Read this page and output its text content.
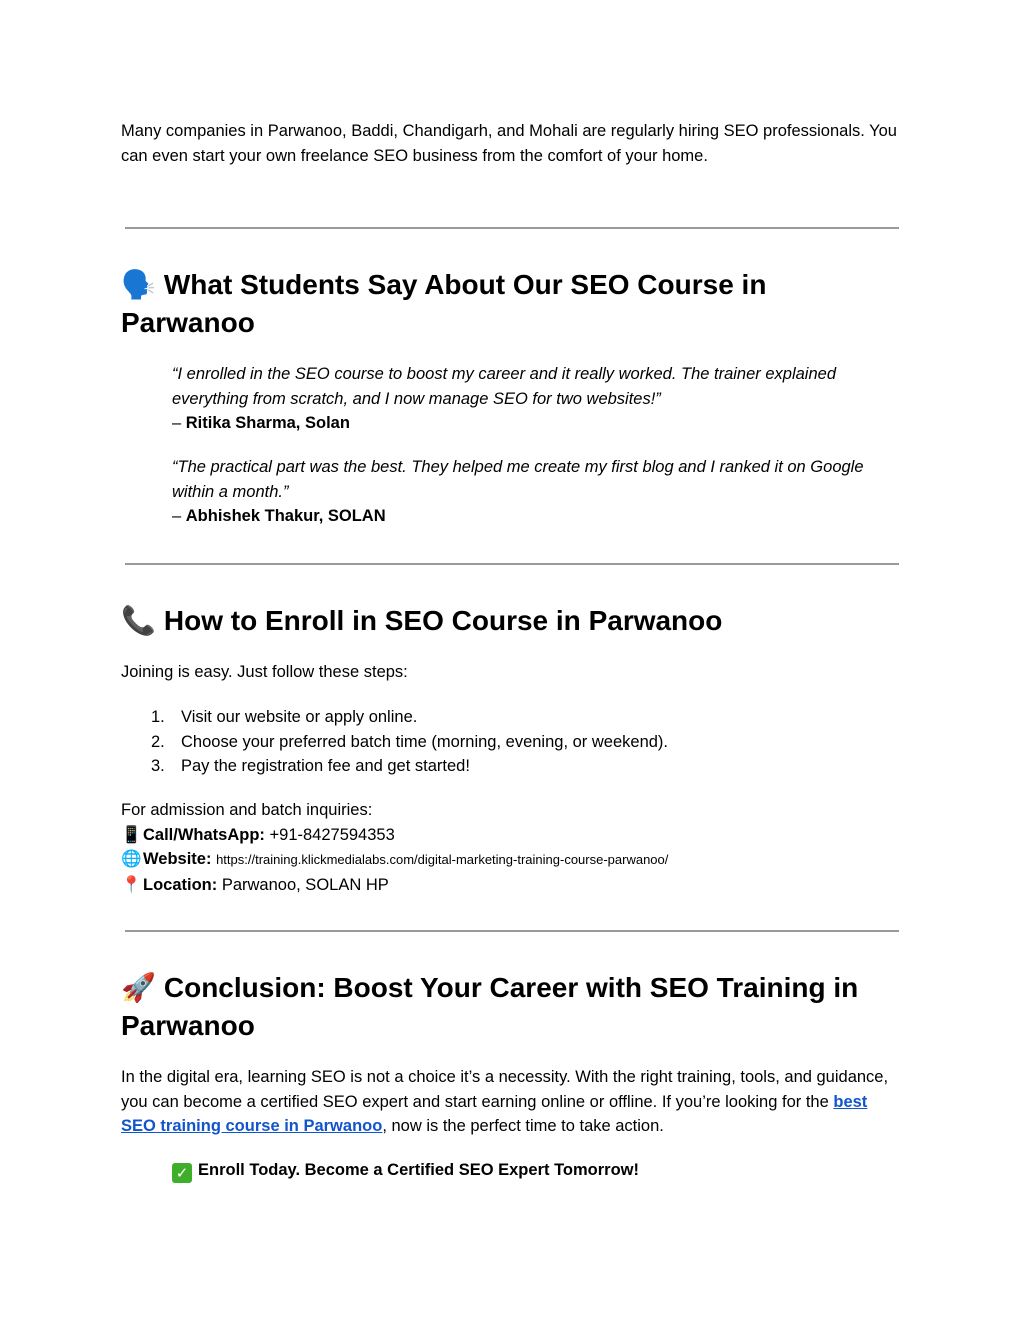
Many companies in Parwanoo, Baddi, Chandigarh, and Mohali are regularly hiring SEO professionals. You can even start your own freelance SEO business from the comfort of your home.

🗣️ What Students Say About Our SEO Course in Parwanoo
“I enrolled in the SEO course to boost my career and it really worked. The trainer explained everything from scratch, and I now manage SEO for two websites!”
– Ritika Sharma, Solan
“The practical part was the best. They helped me create my first blog and I ranked it on Google within a month.”
– Abhishek Thakur, SOLAN
📞 How to Enroll in SEO Course in Parwanoo

Joining is easy. Just follow these steps:

1. Visit our website or apply online.
2. Choose your preferred batch time (morning, evening, or weekend).
3. Pay the registration fee and get started!
For admission and batch inquiries:
📱Call/WhatsApp: +91-8427594353
🌐Website: https://training.klickmedialabs.com/digital-marketing-training-course-parwanoo/
📍Location: Parwanoo, SOLAN HP
🚀 Conclusion: Boost Your Career with SEO Training in Parwanoo

In the digital era, learning SEO is not a choice it’s a necessity. With the right training, tools, and guidance, you can become a certified SEO expert and start earning online or offline. If you’re looking for the best SEO training course in Parwanoo, now is the perfect time to take action.

✓ Enroll Today. Become a Certified SEO Expert Tomorrow!
